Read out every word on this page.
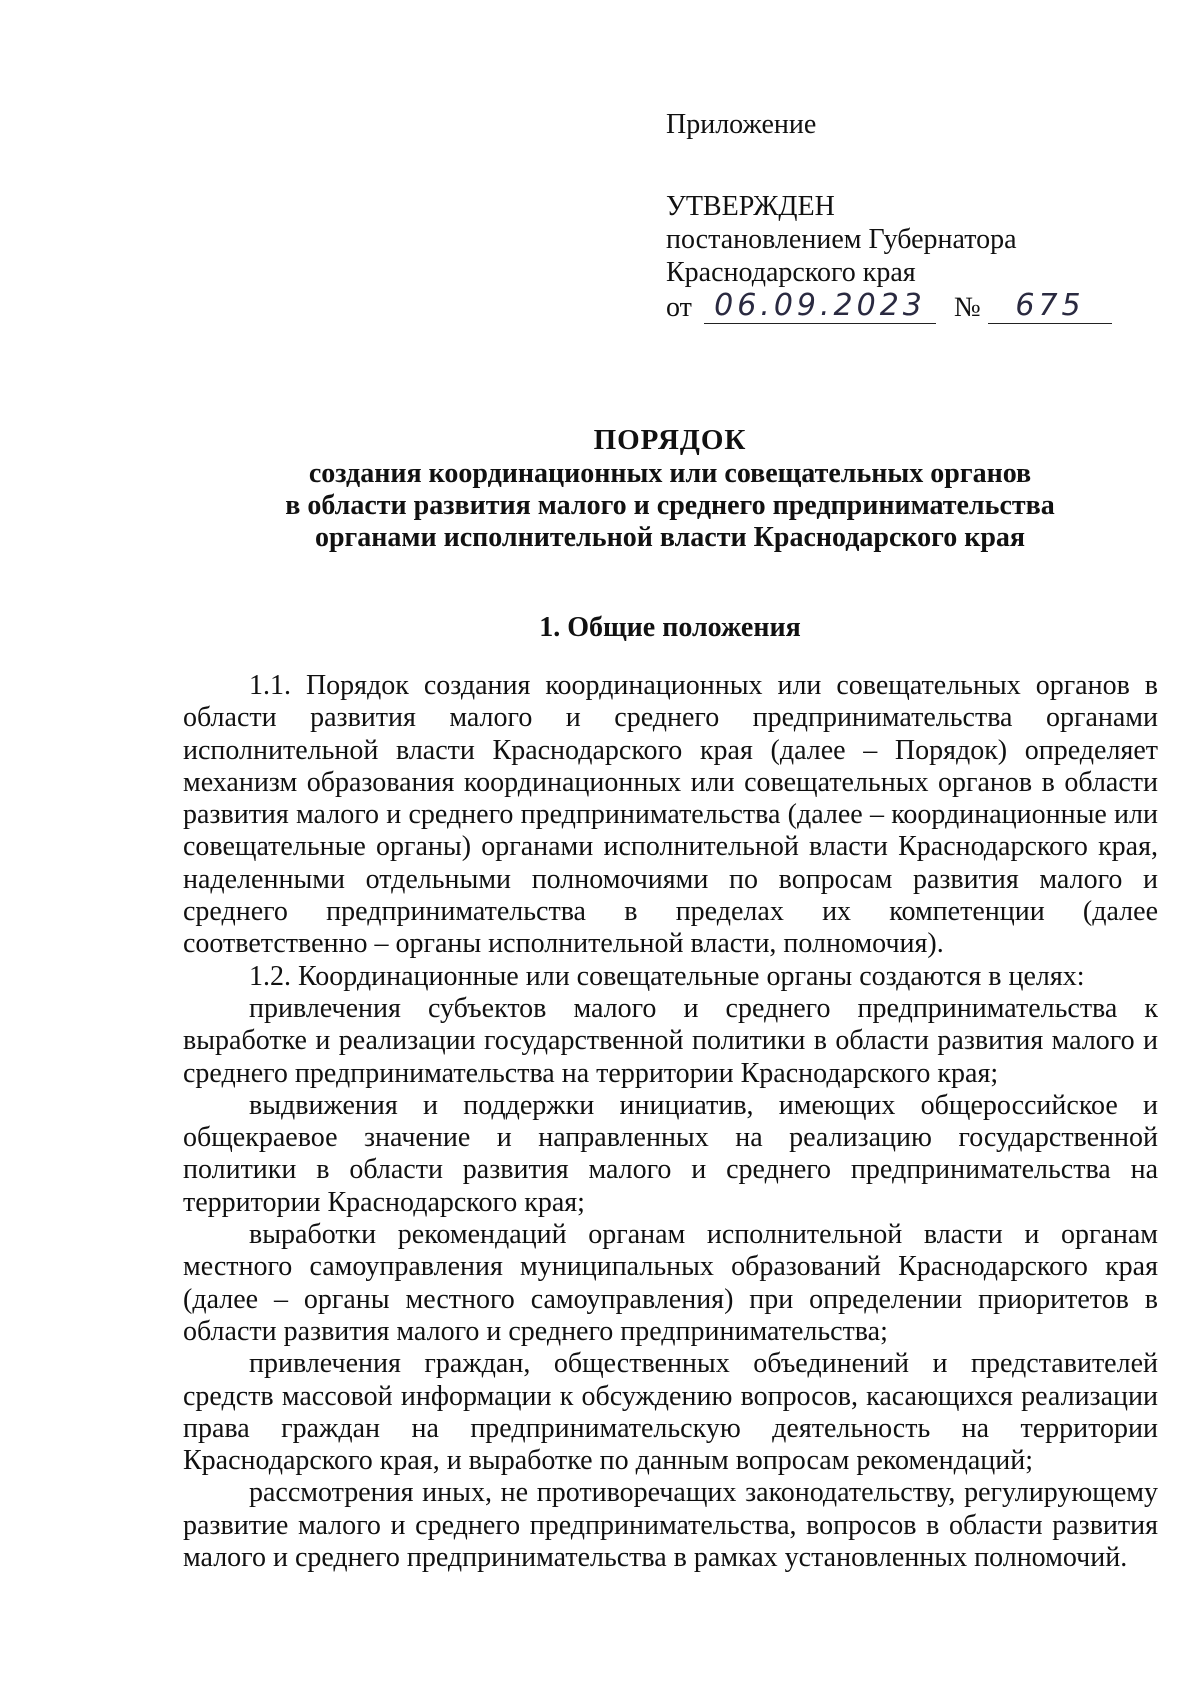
Приложение
УТВЕРЖДЕН
постановлением Губернатора
Краснодарского края
от 06.09.2023	№	675
ПОРЯДОК
создания координационных или совещательных органов
в области развития малого и среднего предпринимательства
органами исполнительной власти Краснодарского края
1. Общие положения

1.1. Порядок создания координационных или совещательных органов в области развития малого и среднего предпринимательства органами исполнительной власти Краснодарского края (далее – Порядок) определяет механизм образования координационных или совещательных органов в области развития малого и среднего предпринимательства (далее – координационные или совещательные органы) органами исполнительной власти Краснодарского края, наделенными отдельными полномочиями по вопросам развития малого и среднего предпринимательства в пределах их компетенции (далее соответственно – органы исполнительной власти, полномочия).

1.2. Координационные или совещательные органы создаются в целях:

привлечения субъектов малого и среднего предпринимательства к выработке и реализации государственной политики в области развития малого и среднего предпринимательства на территории Краснодарского края;

выдвижения и поддержки инициатив, имеющих общероссийское и общекраевое значение и направленных на реализацию государственной политики в области развития малого и среднего предпринимательства на территории Краснодарского края;

выработки рекомендаций органам исполнительной власти и органам местного самоуправления муниципальных образований Краснодарского края (далее – органы местного самоуправления) при определении приоритетов в области развития малого и среднего предпринимательства;

привлечения граждан, общественных объединений и представителей средств массовой информации к обсуждению вопросов, касающихся реализации права граждан на предпринимательскую деятельность на территории Краснодарского края, и выработке по данным вопросам рекомендаций;

рассмотрения иных, не противоречащих законодательству, регулирующему развитие малого и среднего предпринимательства, вопросов в области развития малого и среднего предпринимательства в рамках установленных полномочий.
